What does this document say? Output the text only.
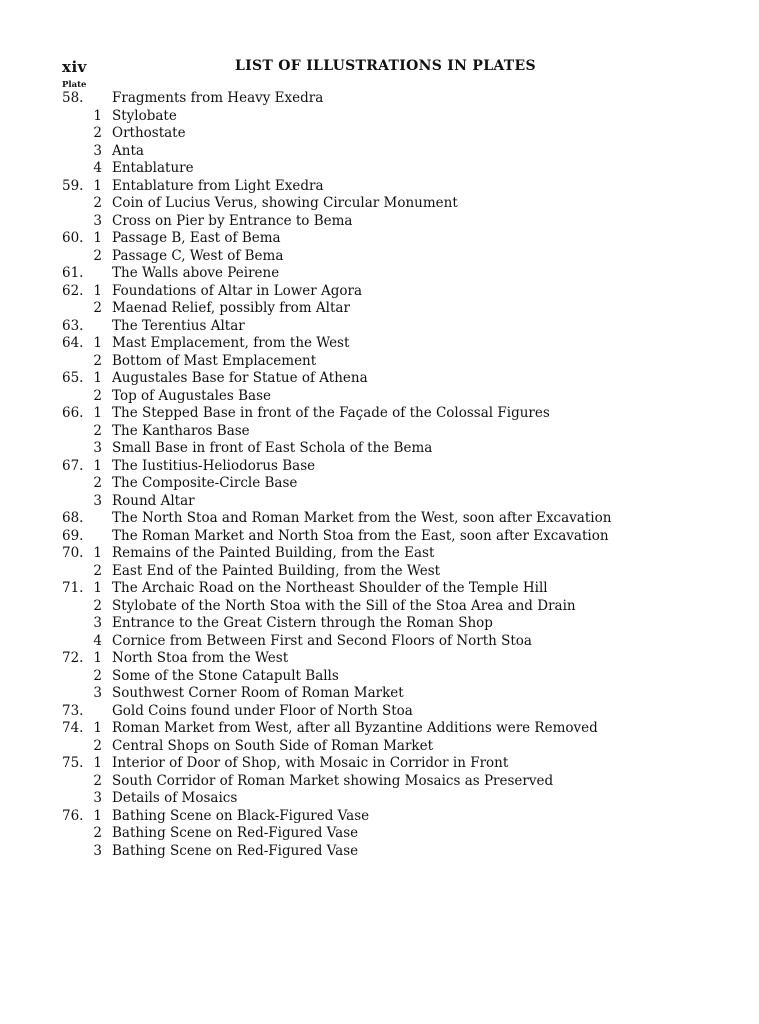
xiv	LIST OF ILLUSTRATIONS IN PLATES
Plate
58.	Fragments from Heavy Exedra
1 Stylobate
2 Orthostate
3 Anta
4 Entablature
59. 1 Entablature from Light Exedra
2 Coin of Lucius Verus, showing Circular Monument
3 Cross on Pier by Entrance to Bema
60. 1 Passage B, East of Bema
2 Passage C, West of Bema
61.	The Walls above Peirene
62. 1 Foundations of Altar in Lower Agora
2 Maenad Relief, possibly from Altar
63.	The Terentius Altar
64. 1 Mast Emplacement, from the West
2 Bottom of Mast Emplacement
65. 1 Augustales Base for Statue of Athena
2 Top of Augustales Base
66. 1 The Stepped Base in front of the Façade of the Colossal Figures
2 The Kantharos Base
3 Small Base in front of East Schola of the Bema
67. 1 The Iustitius-Heliodorus Base
2 The Composite-Circle Base
3 Round Altar
68.	The North Stoa and Roman Market from the West, soon after Excavation
69.	The Roman Market and North Stoa from the East, soon after Excavation
70. 1 Remains of the Painted Building, from the East
2 East End of the Painted Building, from the West
71. 1 The Archaic Road on the Northeast Shoulder of the Temple Hill
2 Stylobate of the North Stoa with the Sill of the Stoa Area and Drain
3 Entrance to the Great Cistern through the Roman Shop
4 Cornice from Between First and Second Floors of North Stoa
72. 1 North Stoa from the West
2 Some of the Stone Catapult Balls
3 Southwest Corner Room of Roman Market
73.	Gold Coins found under Floor of North Stoa
74. 1 Roman Market from West, after all Byzantine Additions were Removed
2 Central Shops on South Side of Roman Market
75. 1 Interior of Door of Shop, with Mosaic in Corridor in Front
2 South Corridor of Roman Market showing Mosaics as Preserved
3 Details of Mosaics
76. 1 Bathing Scene on Black-Figured Vase
2 Bathing Scene on Red-Figured Vase
3 Bathing Scene on Red-Figured Vase
